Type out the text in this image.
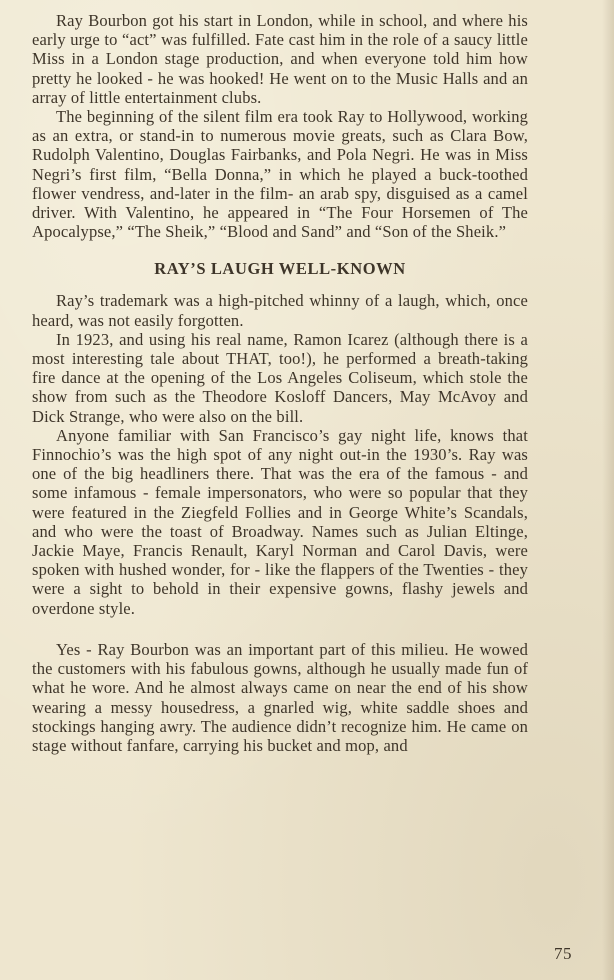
Ray Bourbon got his start in London, while in school, and where his early urge to “act” was fulfilled. Fate cast him in the role of a saucy little Miss in a London stage production, and when everyone told him how pretty he looked - he was hooked! He went on to the Music Halls and an array of little entertainment clubs.

The beginning of the silent film era took Ray to Hollywood, working as an extra, or stand-in to numerous movie greats, such as Clara Bow, Rudolph Valentino, Douglas Fairbanks, and Pola Negri. He was in Miss Negri’s first film, “Bella Donna,” in which he played a buck-toothed flower vendress, and-later in the film- an arab spy, disguised as a camel driver. With Valentino, he appeared in “The Four Horsemen of The Apocalypse,” “The Sheik,” “Blood and Sand” and “Son of the Sheik.”

RAY’S LAUGH WELL-KNOWN

Ray’s trademark was a high-pitched whinny of a laugh, which, once heard, was not easily forgotten.

In 1923, and using his real name, Ramon Icarez (although there is a most interesting tale about THAT, too!), he performed a breath-taking fire dance at the opening of the Los Angeles Coliseum, which stole the show from such as the Theodore Kosloff Dancers, May McAvoy and Dick Strange, who were also on the bill.

Anyone familiar with San Francisco’s gay night life, knows that Finnochio’s was the high spot of any night out-in the 1930’s. Ray was one of the big headliners there. That was the era of the famous - and some infamous - female impersonators, who were so popular that they were featured in the Ziegfeld Follies and in George White’s Scandals, and who were the toast of Broadway. Names such as Julian Eltinge, Jackie Maye, Francis Renault, Karyl Norman and Carol Davis, were spoken with hushed wonder, for - like the flappers of the Twenties - they were a sight to behold in their expensive gowns, flashy jewels and overdone style.

Yes - Ray Bourbon was an important part of this milieu. He wowed the customers with his fabulous gowns, although he usually made fun of what he wore. And he almost always came on near the end of his show wearing a messy housedress, a gnarled wig, white saddle shoes and stockings hanging awry. The audience didn’t recognize him. He came on stage without fanfare, carrying his bucket and mop, and

75
